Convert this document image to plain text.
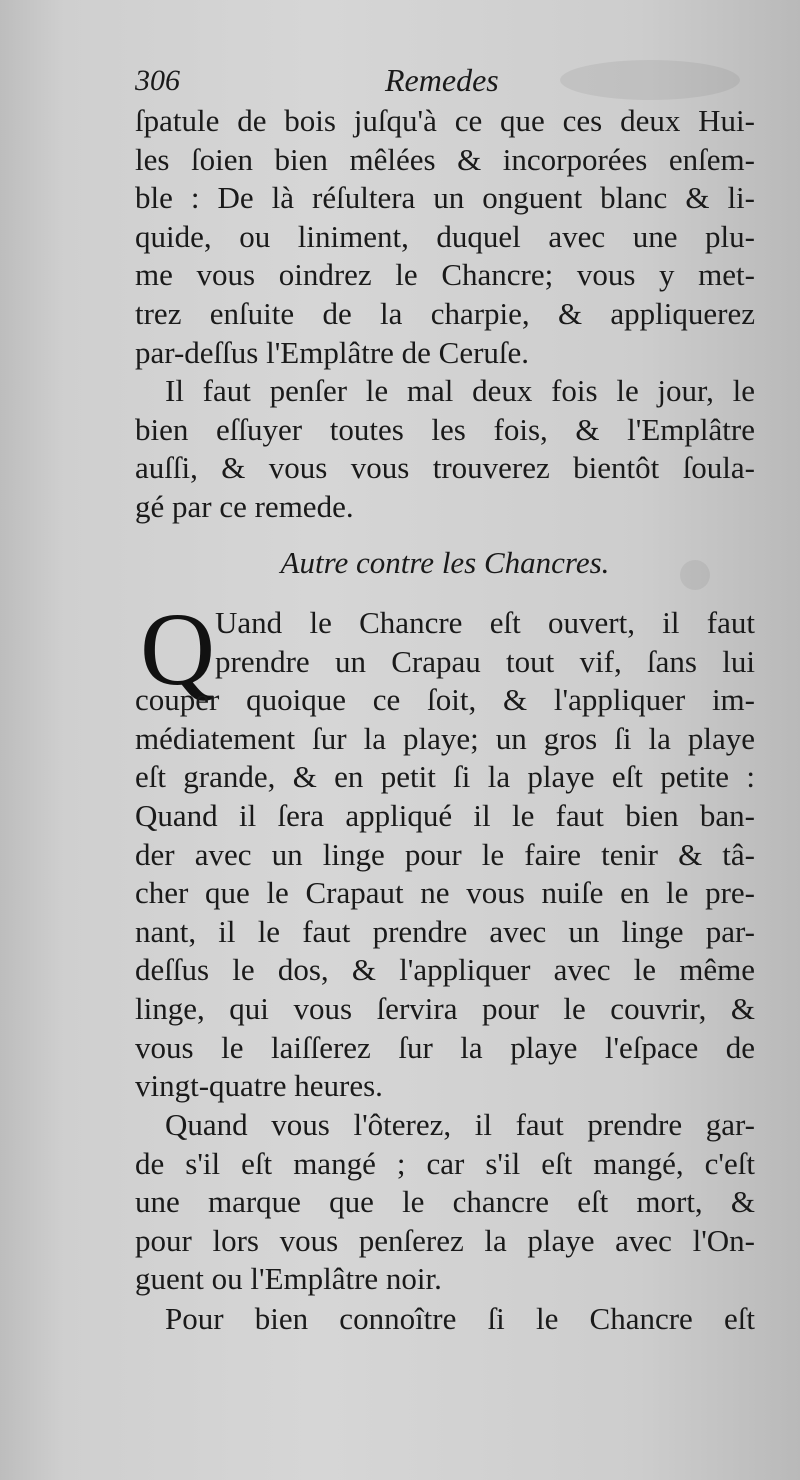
306	Remedes
ſpatule de bois juſqu'à ce que ces deux Hui-
les ſoien bien mêlées & incorporées enſem-
ble : De là réſultera un onguent blanc & li-
quide, ou liniment, duquel avec une plu-
me vous oindrez le Chancre; vous y met-
trez enſuite de la charpie, & appliquerez
par-deſſus l'Emplâtre de Ceruſe.
Il faut penſer le mal deux fois le jour, le
bien eſſuyer toutes les fois, & l'Emplâtre
auſſi, & vous vous trouverez bientôt ſoula-
gé par ce remede.
Autre contre les Chancres.
Q Uand le Chancre eſt ouvert, il faut
prendre un Crapau tout vif, ſans lui
couper quoique ce ſoit, & l'appliquer im-
médiatement ſur la playe; un gros ſi la playe
eſt grande, & en petit ſi la playe eſt petite :
Quand il ſera appliqué il le faut bien ban-
der avec un linge pour le faire tenir & tâ-
cher que le Crapaut ne vous nuiſe en le pre-
nant, il le faut prendre avec un linge par-
deſſus le dos, & l'appliquer avec le même
linge, qui vous ſervira pour le couvrir, &
vous le laiſſerez ſur la playe l'eſpace de
vingt-quatre heures.
Quand vous l'ôterez, il faut prendre gar-
de s'il eſt mangé ; car s'il eſt mangé, c'eſt
une marque que le chancre eſt mort, &
pour lors vous penſerez la playe avec l'On-
guent ou l'Emplâtre noir.
Pour bien connoître ſi le Chancre eſt
